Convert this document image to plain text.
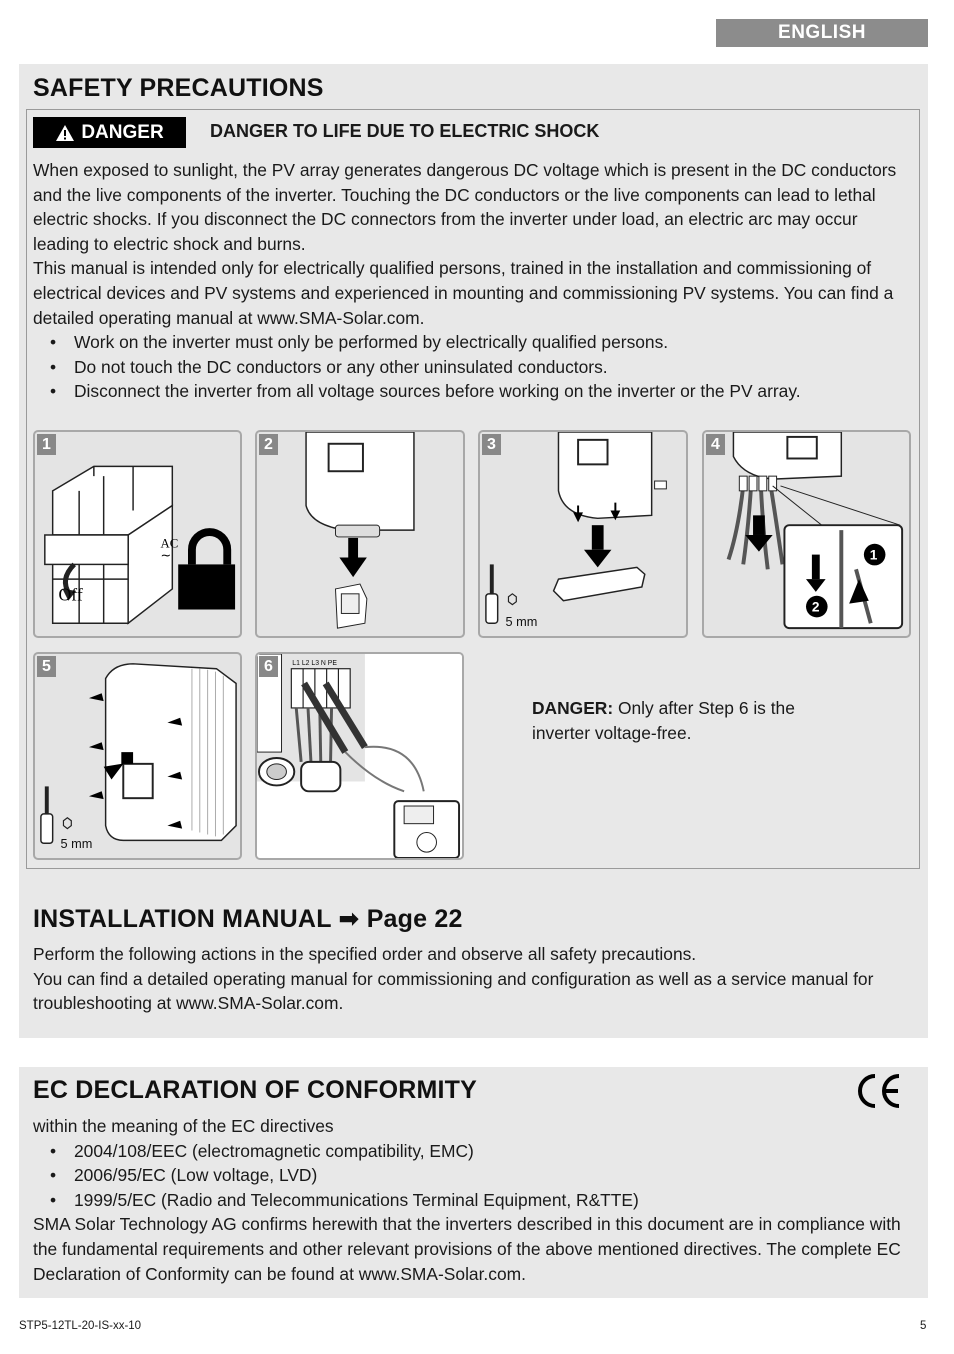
ENGLISH
SAFETY PRECAUTIONS
DANGER	DANGER TO LIFE DUE TO ELECTRIC SHOCK

When exposed to sunlight, the PV array generates dangerous DC voltage which is present in the DC conductors and the live components of the inverter. Touching the DC conductors or the live components can lead to lethal electric shocks. If you disconnect the DC connectors from the inverter under load, an electric arc may occur leading to electric shock and burns.

This manual is intended only for electrically qualified persons, trained in the installation and commissioning of electrical devices and PV systems and experienced in mounting and commissioning PV systems. You can find a detailed operating manual at www.SMA-Solar.com.

• Work on the inverter must only be performed by electrically qualified persons.
• Do not touch the DC conductors or any other uninsulated conductors.
• Disconnect the inverter from all voltage sources before working on the inverter or the PV array.
AC
∼
Off
1	2
5 mm
3
1
2
4
5 mm
5	L1 L2 L3 N PE
6
DANGER: Only after Step 6 is the inverter voltage-free.
INSTALLATION MANUAL ➡ Page 22

Perform the following actions in the specified order and observe all safety precautions.

You can find a detailed operating manual for commissioning and configuration as well as a service manual for troubleshooting at www.SMA-Solar.com.

EC DECLARATION OF CONFORMITY

within the meaning of the EC directives

• 2004/108/EEC (electromagnetic compatibility, EMC)
• 2006/95/EC (Low voltage, LVD)
• 1999/5/EC (Radio and Telecommunications Terminal Equipment, R&TTE)

SMA Solar Technology AG confirms herewith that the inverters described in this document are in compliance with the fundamental requirements and other relevant provisions of the above mentioned directives. The complete EC Declaration of Conformity can be found at www.SMA-Solar.com.

STP5-12TL-20-IS-xx-10	5
